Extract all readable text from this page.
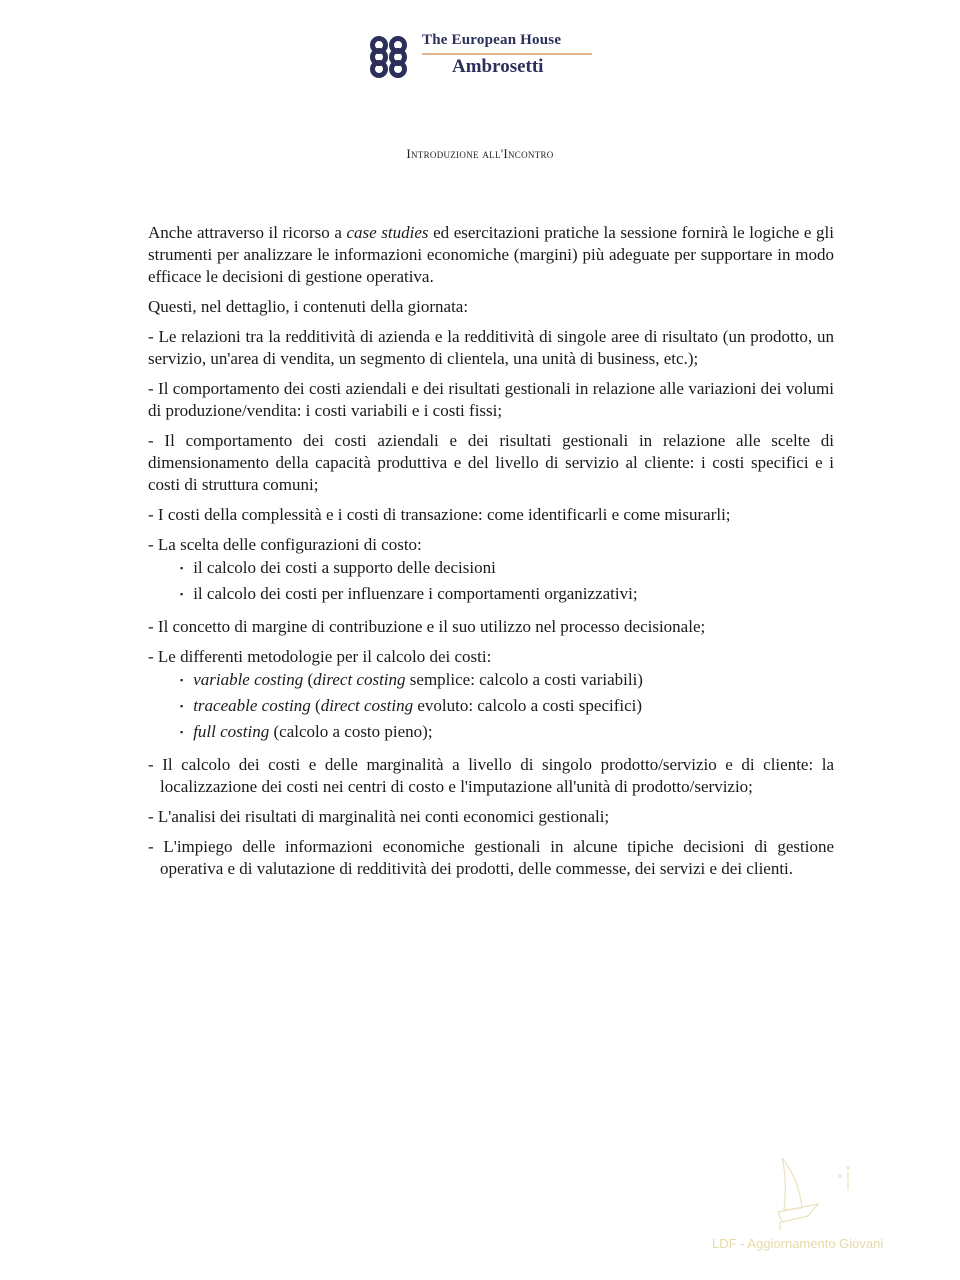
The European House
Ambrosetti
Introduzione all'Incontro

Anche attraverso il ricorso a case studies ed esercitazioni pratiche la sessione fornirà le logiche e gli strumenti per analizzare le informazioni economiche (margini) più adeguate per supportare in modo efficace le decisioni di gestione operativa.

Questi, nel dettaglio, i contenuti della giornata:

- Le relazioni tra la redditività di azienda e la redditività di singole aree di risultato (un prodotto, un servizio, un'area di vendita, un segmento di clientela, una unità di business, etc.);

- Il comportamento dei costi aziendali e dei risultati gestionali in relazione alle variazioni dei volumi di produzione/vendita: i costi variabili e i costi fissi;

- Il comportamento dei costi aziendali e dei risultati gestionali in relazione alle scelte di dimensionamento della capacità produttiva e del livello di servizio al cliente: i costi specifici e i costi di struttura comuni;

- I costi della complessità e i costi di transazione: come identificarli e come misurarli;

- La scelta delle configurazioni di costo:
▪ il calcolo dei costi a supporto delle decisioni
▪ il calcolo dei costi per influenzare i comportamenti organizzativi;

- Il concetto di margine di contribuzione e il suo utilizzo nel processo decisionale;

- Le differenti metodologie per il calcolo dei costi:
▪ variable costing (direct costing semplice: calcolo a costi variabili)
▪ traceable costing (direct costing evoluto: calcolo a costi specifici)
▪ full costing (calcolo a costo pieno);

- Il calcolo dei costi e delle marginalità a livello di singolo prodotto/servizio e di cliente: la localizzazione dei costi nei centri di costo e l'imputazione all'unità di prodotto/servizio;

- L'analisi dei risultati di marginalità nei conti economici gestionali;

- L'impiego delle informazioni economiche gestionali in alcune tipiche decisioni di gestione operativa e di valutazione di redditività dei prodotti, delle commesse, dei servizi e dei clienti.

LDF - Aggiornamento Giovani
